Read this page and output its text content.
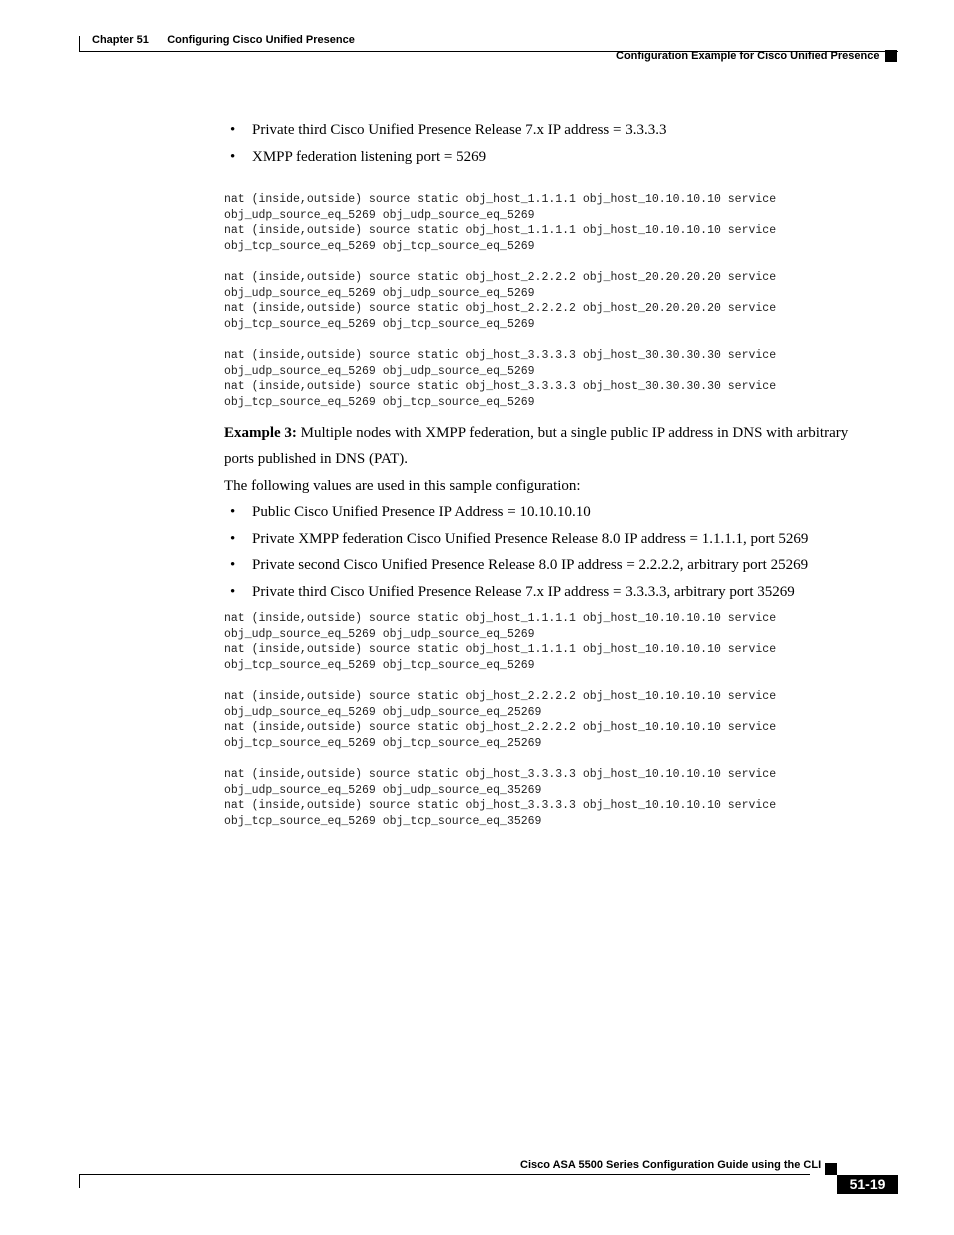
Chapter 51      Configuring Cisco Unified Presence
Configuration Example for Cisco Unified Presence
• Private third Cisco Unified Presence Release 7.x IP address = 3.3.3.3
• XMPP federation listening port = 5269
nat (inside,outside) source static obj_host_1.1.1.1 obj_host_10.10.10.10 service
obj_udp_source_eq_5269 obj_udp_source_eq_5269
nat (inside,outside) source static obj_host_1.1.1.1 obj_host_10.10.10.10 service
obj_tcp_source_eq_5269 obj_tcp_source_eq_5269
nat (inside,outside) source static obj_host_2.2.2.2 obj_host_20.20.20.20 service
obj_udp_source_eq_5269 obj_udp_source_eq_5269
nat (inside,outside) source static obj_host_2.2.2.2 obj_host_20.20.20.20 service
obj_tcp_source_eq_5269 obj_tcp_source_eq_5269
nat (inside,outside) source static obj_host_3.3.3.3 obj_host_30.30.30.30 service
obj_udp_source_eq_5269 obj_udp_source_eq_5269
nat (inside,outside) source static obj_host_3.3.3.3 obj_host_30.30.30.30 service
obj_tcp_source_eq_5269 obj_tcp_source_eq_5269
Example 3: Multiple nodes with XMPP federation, but a single public IP address in DNS with arbitrary
ports published in DNS (PAT).
The following values are used in this sample configuration:
• Public Cisco Unified Presence IP Address = 10.10.10.10
• Private XMPP federation Cisco Unified Presence Release 8.0 IP address = 1.1.1.1, port 5269
• Private second Cisco Unified Presence Release 8.0 IP address = 2.2.2.2, arbitrary port 25269
• Private third Cisco Unified Presence Release 7.x IP address = 3.3.3.3, arbitrary port 35269
nat (inside,outside) source static obj_host_1.1.1.1 obj_host_10.10.10.10 service
obj_udp_source_eq_5269 obj_udp_source_eq_5269
nat (inside,outside) source static obj_host_1.1.1.1 obj_host_10.10.10.10 service
obj_tcp_source_eq_5269 obj_tcp_source_eq_5269
nat (inside,outside) source static obj_host_2.2.2.2 obj_host_10.10.10.10 service
obj_udp_source_eq_5269 obj_udp_source_eq_25269
nat (inside,outside) source static obj_host_2.2.2.2 obj_host_10.10.10.10 service
obj_tcp_source_eq_5269 obj_tcp_source_eq_25269
nat (inside,outside) source static obj_host_3.3.3.3 obj_host_10.10.10.10 service
obj_udp_source_eq_5269 obj_udp_source_eq_35269
nat (inside,outside) source static obj_host_3.3.3.3 obj_host_10.10.10.10 service
obj_tcp_source_eq_5269 obj_tcp_source_eq_35269
Cisco ASA 5500 Series Configuration Guide using the CLI
51-19
